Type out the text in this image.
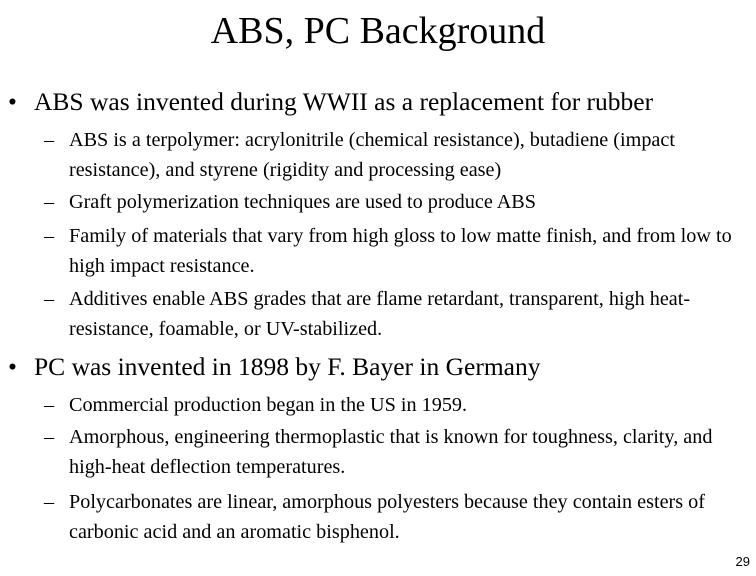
ABS, PC Background
• ABS was invented during WWII as a replacement for rubber
– ABS is a terpolymer: acrylonitrile (chemical resistance), butadiene (impact resistance), and styrene (rigidity and processing ease)
– Graft polymerization techniques are used to produce ABS
– Family of materials that vary from high gloss to low matte finish, and from low to high impact resistance.
– Additives enable ABS grades that are flame retardant, transparent, high heat-resistance, foamable, or UV-stabilized.
• PC was invented in 1898 by F. Bayer in Germany
– Commercial production began in the US in 1959.
– Amorphous, engineering thermoplastic that is known for toughness, clarity, and high-heat deflection temperatures.
– Polycarbonates are linear, amorphous polyesters because they contain esters of carbonic acid and an aromatic bisphenol.
29
